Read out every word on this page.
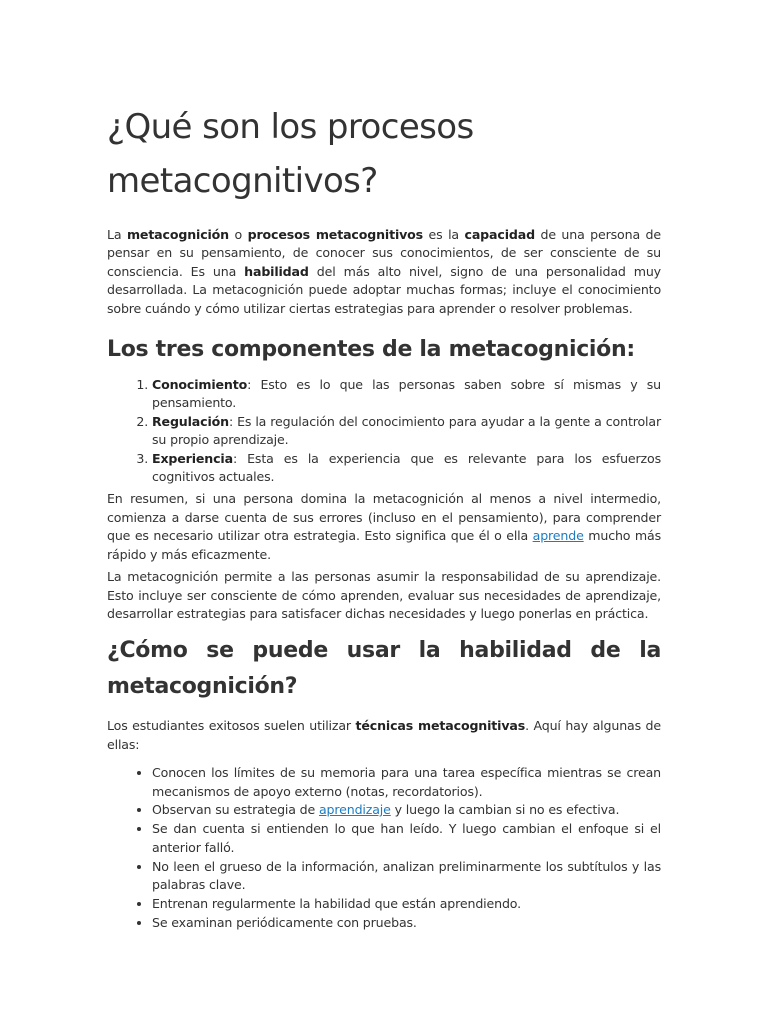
¿Qué son los procesos metacognitivos?

La metacognición o procesos metacognitivos es la capacidad de una persona de pensar en su pensamiento, de conocer sus conocimientos, de ser consciente de su consciencia. Es una habilidad del más alto nivel, signo de una personalidad muy desarrollada. La metacognición puede adoptar muchas formas; incluye el conocimiento sobre cuándo y cómo utilizar ciertas estrategias para aprender o resolver problemas.

Los tres componentes de la metacognición:
1. Conocimiento: Esto es lo que las personas saben sobre sí mismas y su pensamiento.
2. Regulación: Es la regulación del conocimiento para ayudar a la gente a controlar su propio aprendizaje.
3. Experiencia: Esta es la experiencia que es relevante para los esfuerzos cognitivos actuales.

En resumen, si una persona domina la metacognición al menos a nivel intermedio, comienza a darse cuenta de sus errores (incluso en el pensamiento), para comprender que es necesario utilizar otra estrategia. Esto significa que él o ella aprende mucho más rápido y más eficazmente.

La metacognición permite a las personas asumir la responsabilidad de su aprendizaje. Esto incluye ser consciente de cómo aprenden, evaluar sus necesidades de aprendizaje, desarrollar estrategias para satisfacer dichas necesidades y luego ponerlas en práctica.

¿Cómo se puede usar la habilidad de la metacognición?

Los estudiantes exitosos suelen utilizar técnicas metacognitivas. Aquí hay algunas de ellas:

• Conocen los límites de su memoria para una tarea específica mientras se crean mecanismos de apoyo externo (notas, recordatorios).
• Observan su estrategia de aprendizaje y luego la cambian si no es efectiva.
• Se dan cuenta si entienden lo que han leído. Y luego cambian el enfoque si el anterior falló.
• No leen el grueso de la información, analizan preliminarmente los subtítulos y las palabras clave.
• Entrenan regularmente la habilidad que están aprendiendo.
• Se examinan periódicamente con pruebas.
